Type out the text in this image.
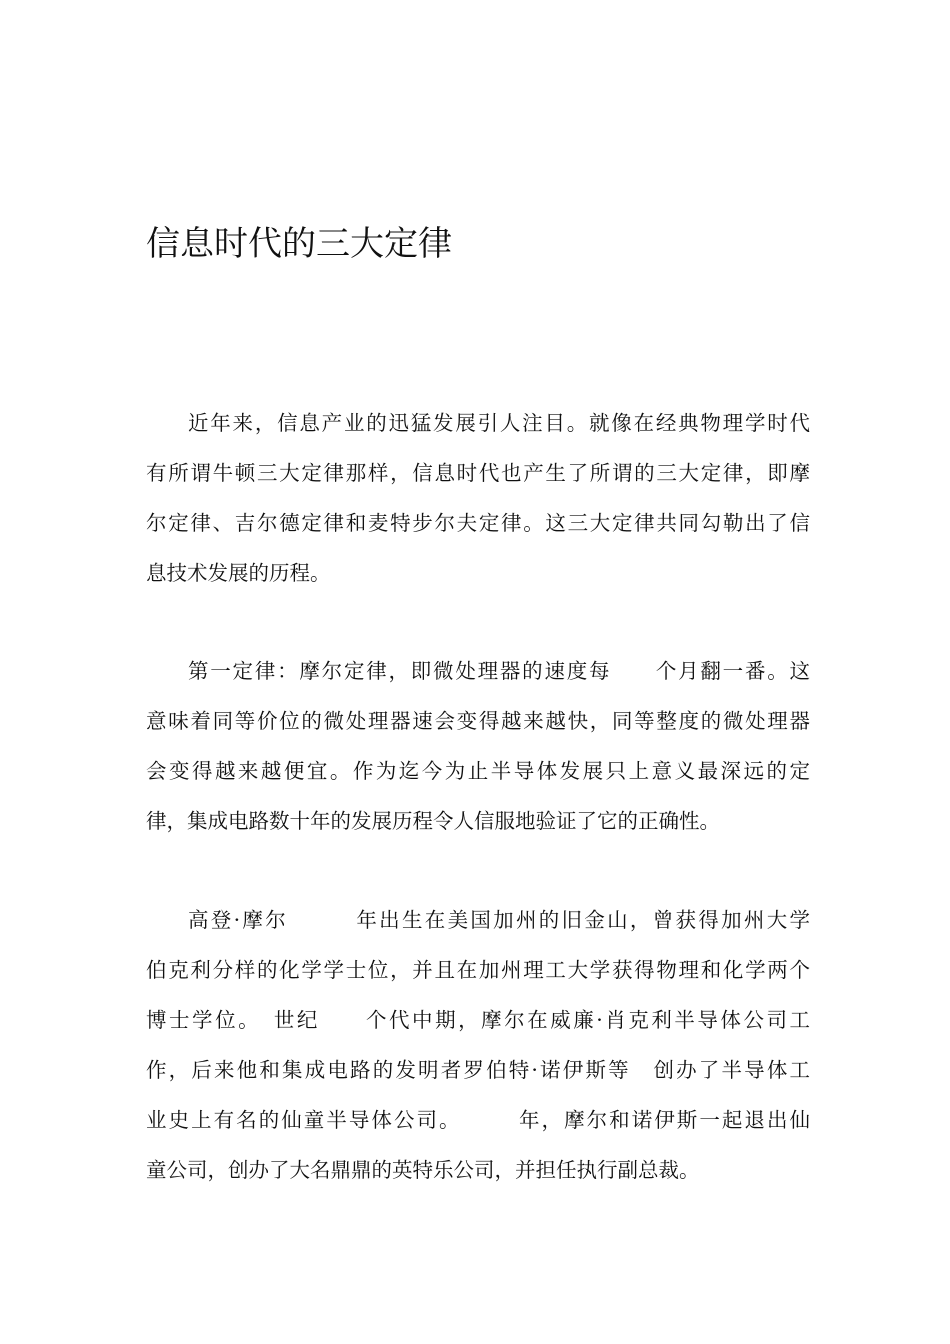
信息时代的三大定律
近年来，信息产业的迅猛发展引人注目。就像在经典物理学时代
有所谓牛顿三大定律那样，信息时代也产生了所谓的三大定律，即摩
尔定律、吉尔德定律和麦特步尔夫定律。这三大定律共同勾勒出了信
息技术发展的历程。
第一定律：摩尔定律，即微处理器的速度每　　个月翻一番。这
意味着同等价位的微处理器速会变得越来越快，同等整度的微处理器
会变得越来越便宜。作为迄今为止半导体发展只上意义最深远的定
律，集成电路数十年的发展历程令人信服地验证了它的正确性。
高登·摩尔　　　年出生在美国加州的旧金山，曾获得加州大学
伯克利分样的化学学士位，并且在加州理工大学获得物理和化学两个
博士学位。　世纪　　个代中期，摩尔在威廉·肖克利半导体公司工
作，后来他和集成电路的发明者罗伯特·诺伊斯等　创办了半导体工
业史上有名的仙童半导体公司。　　　年，摩尔和诺伊斯一起退出仙
童公司，创办了大名鼎鼎的英特乐公司，并担任执行副总裁。
